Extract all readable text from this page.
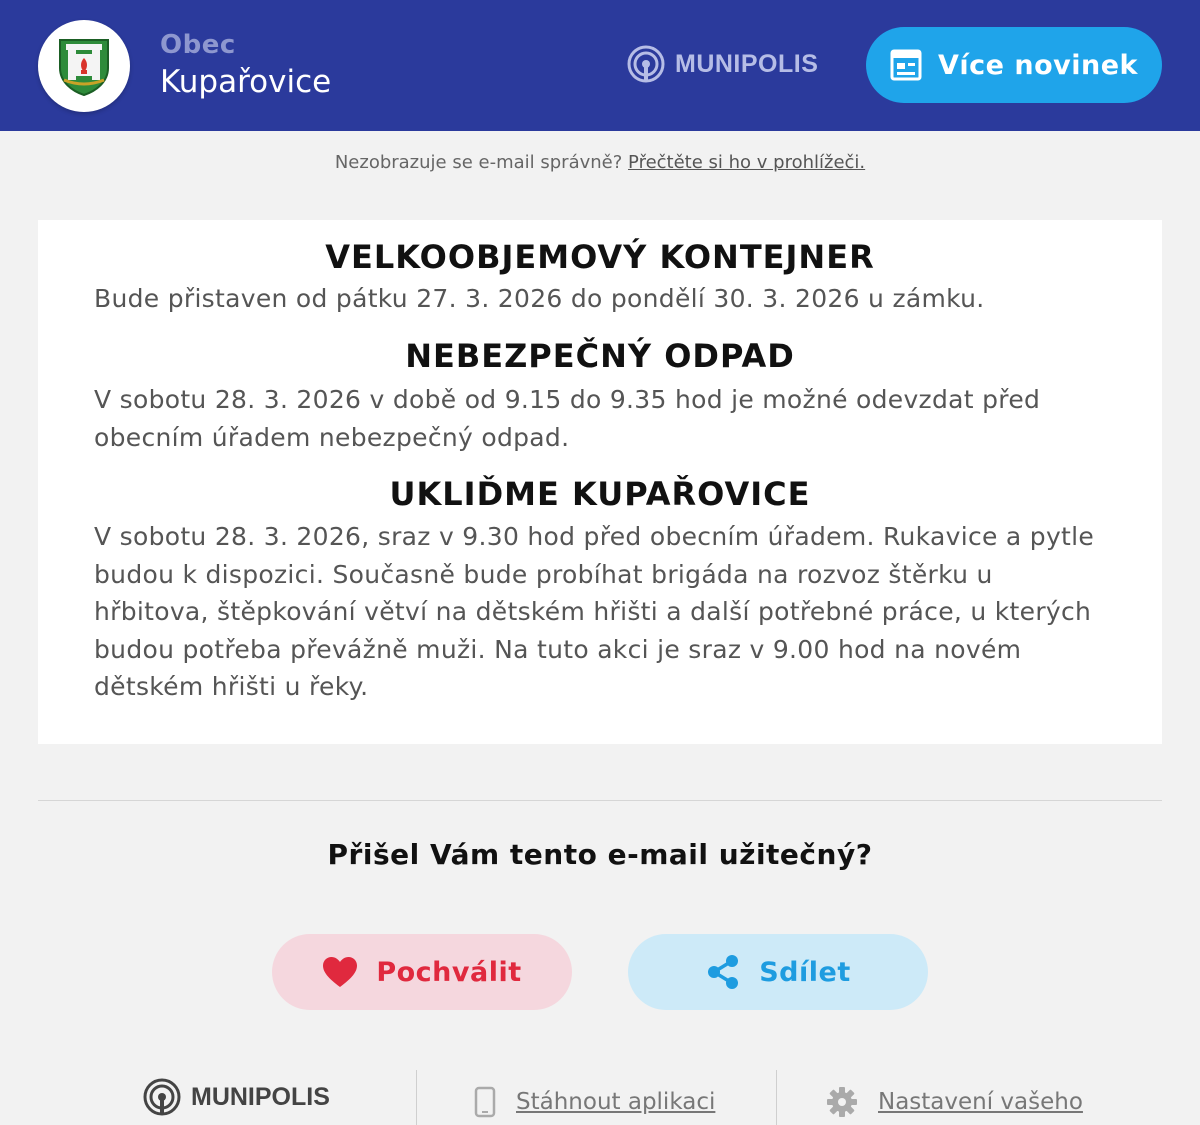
Obec
Kupařovice
MUNIPOLIS	Více novinek
Nezobrazuje se e-mail správně? Přečtěte si ho v prohlížeči.
VELKOOBJEMOVÝ KONTEJNER

Bude přistaven od pátku 27. 3. 2026 do pondělí 30. 3. 2026 u zámku.

NEBEZPEČNÝ ODPAD

V sobotu 28. 3. 2026 v době od 9.15 do 9.35 hod je možné odevzdat před obecním úřadem nebezpečný odpad.

UKLIĎME KUPAŘOVICE

V sobotu 28. 3. 2026, sraz v 9.30 hod před obecním úřadem. Rukavice a pytle budou k dispozici. Současně bude probíhat brigáda na rozvoz štěrku u hřbitova, štěpkování větví na dětském hřišti a další potřebné práce, u kterých budou potřeba převážně muži. Na tuto akci je sraz v 9.00 hod na novém dětském hřišti u řeky.

Přišel Vám tento e-mail užitečný?
Pochválit	Sdílet
MUNIPOLIS	Stáhnout aplikaci	Nastavení vašeho
